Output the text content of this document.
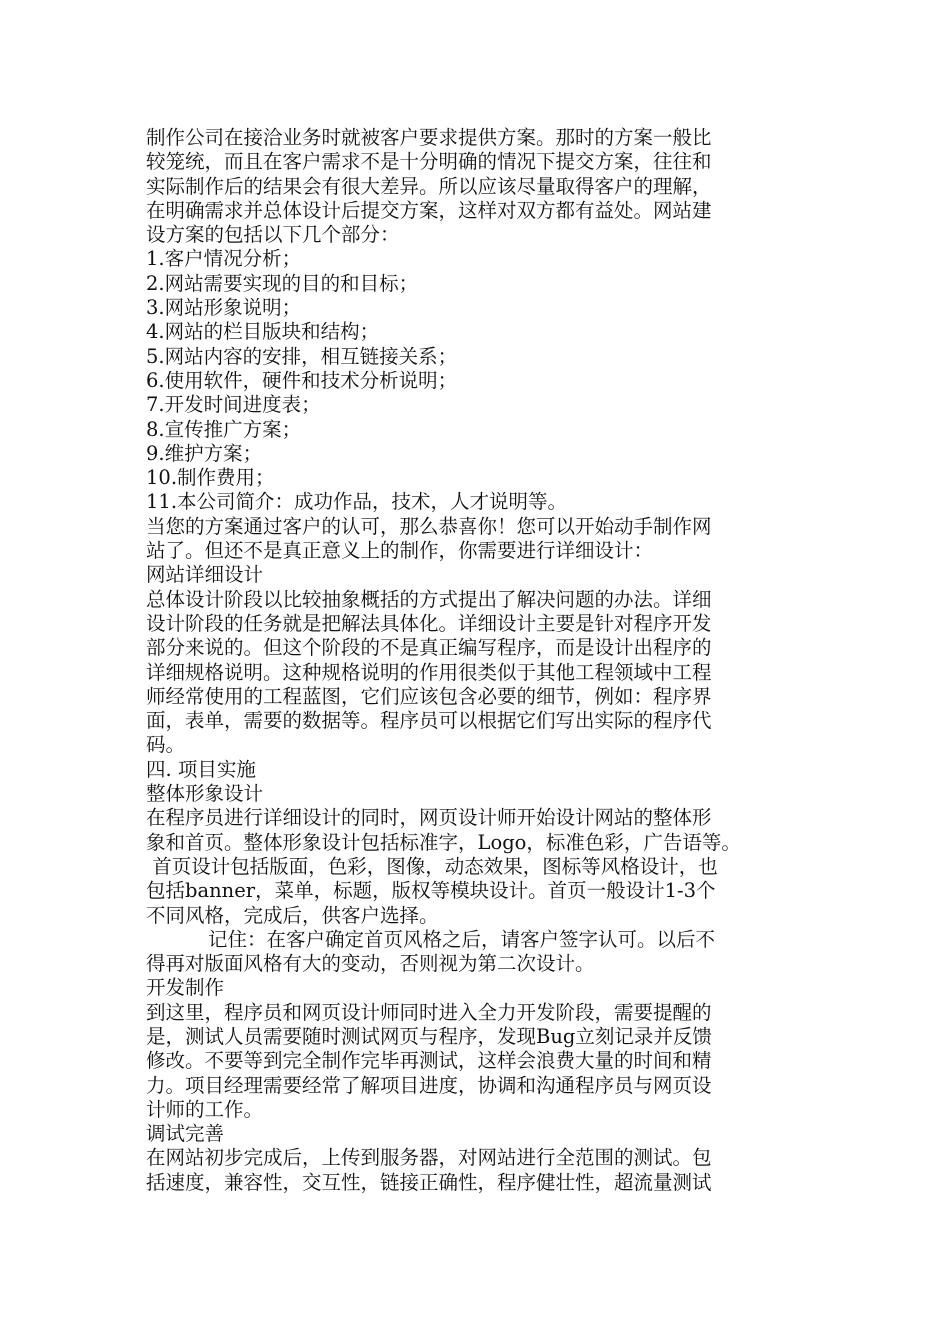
制作公司在接洽业务时就被客户要求提供方案。那时的方案一般比
较笼统，而且在客户需求不是十分明确的情况下提交方案，往往和
实际制作后的结果会有很大差异。所以应该尽量取得客户的理解，
在明确需求并总体设计后提交方案，这样对双方都有益处。网站建
设方案的包括以下几个部分：
1.客户情况分析；
2.网站需要实现的目的和目标；
3.网站形象说明；
4.网站的栏目版块和结构；
5.网站内容的安排，相互链接关系；
6.使用软件，硬件和技术分析说明；
7.开发时间进度表；
8.宣传推广方案；
9.维护方案；
10.制作费用；
11.本公司简介：成功作品，技术，人才说明等。
当您的方案通过客户的认可，那么恭喜你！您可以开始动手制作网
站了。但还不是真正意义上的制作，你需要进行详细设计：
网站详细设计
总体设计阶段以比较抽象概括的方式提出了解决问题的办法。详细
设计阶段的任务就是把解法具体化。详细设计主要是针对程序开发
部分来说的。但这个阶段的不是真正编写程序，而是设计出程序的
详细规格说明。这种规格说明的作用很类似于其他工程领域中工程
师经常使用的工程蓝图，它们应该包含必要的细节，例如：程序界
面，表单，需要的数据等。程序员可以根据它们写出实际的程序代
码。
四. 项目实施
整体形象设计
在程序员进行详细设计的同时，网页设计师开始设计网站的整体形
象和首页。整体形象设计包括标准字，Logo，标准色彩，广告语等。
首页设计包括版面，色彩，图像，动态效果，图标等风格设计，也
包括banner，菜单，标题，版权等模块设计。首页一般设计1-3个
不同风格，完成后，供客户选择。
记住：在客户确定首页风格之后，请客户签字认可。以后不
得再对版面风格有大的变动，否则视为第二次设计。
开发制作
到这里，程序员和网页设计师同时进入全力开发阶段，需要提醒的
是，测试人员需要随时测试网页与程序，发现Bug立刻记录并反馈
修改。不要等到完全制作完毕再测试，这样会浪费大量的时间和精
力。项目经理需要经常了解项目进度，协调和沟通程序员与网页设
计师的工作。
调试完善
在网站初步完成后，上传到服务器，对网站进行全范围的测试。包
括速度，兼容性，交互性，链接正确性，程序健壮性，超流量测试
